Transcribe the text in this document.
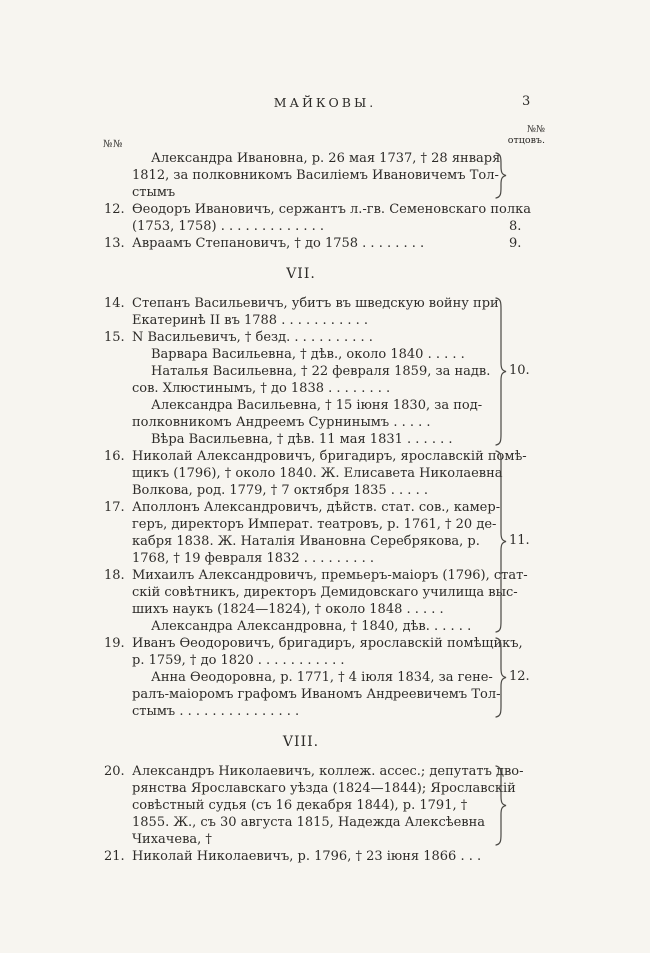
МАЙКОВЫ.	3
№№
№№
отцовъ.
Александра Ивановна, р. 26 мая 1737, † 28 января
1812, за полковникомъ Василіемъ Ивановичемъ Тол-
стымъ
12. Ѳеодоръ Ивановичъ, сержантъ л.-гв. Семеновскаго полка
(1753, 1758) . . . . . . . . . . . . .
13. Авраамъ Степановичъ, † до 1758 . . . . . . . .
VII.
14. Степанъ Васильевичъ, убитъ въ шведскую войну при
Екатеринѣ II въ 1788 . . . . . . . . . . .
15. N Васильевичъ, † безд. . . . . . . . . . .
Варвара Васильевна, † дѣв., около 1840 . . . . .
Наталья Васильевна, † 22 февраля 1859, за надв.
сов. Хлюстинымъ, † до 1838 . . . . . . . .
Александра Васильевна, † 15 іюня 1830, за под-
полковникомъ Андреемъ Сурнинымъ . . . . .
Вѣра Васильевна, † дѣв. 11 мая 1831 . . . . . .
16. Николай Александровичъ, бригадиръ, ярославскій помѣ-
щикъ (1796), † около 1840. Ж. Елисавета Николаевна
Волкова, род. 1779, † 7 октября 1835 . . . . .
17. Аполлонъ Александровичъ, дѣйств. стат. сов., камер-
геръ, директоръ Императ. театровъ, р. 1761, † 20 де-
кабря 1838. Ж. Наталія Ивановна Серебрякова, р.
1768, † 19 февраля 1832 . . . . . . . . .
18. Михаилъ Александровичъ, премьеръ-маіоръ (1796), стат-
скій совѣтникъ, директоръ Демидовскаго училища выс-
шихъ наукъ (1824—1824), † около 1848 . . . . .
Александра Александровна, † 1840, дѣв. . . . . .
19. Иванъ Ѳеодоровичъ, бригадиръ, ярославскій помѣщикъ,
р. 1759, † до 1820 . . . . . . . . . . .
Анна Ѳеодоровна, р. 1771, † 4 іюля 1834, за гене-
ралъ-маіоромъ графомъ Иваномъ Андреевичемъ Тол-
стымъ . . . . . . . . . . . . . . .
VIII.
20. Александръ Николаевичъ, коллеж. ассес.; депутатъ дво-
рянства Ярославскаго уѣзда (1824—1844); Ярославскій
совѣстный судья (съ 16 декабря 1844), р. 1791, †
1855. Ж., съ 30 августа 1815, Надежда Алексѣевна
Чихачева, †
21. Николай Николаевичъ, р. 1796, † 23 іюня 1866 . . .
8.
9.
10.
11.
12.
